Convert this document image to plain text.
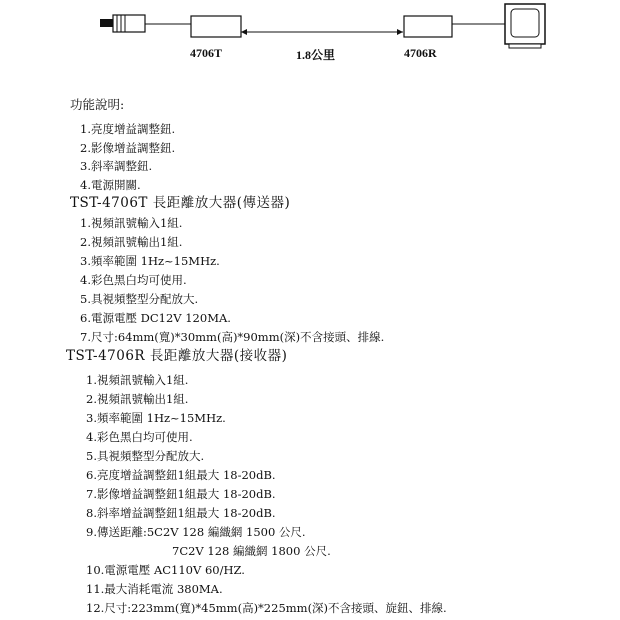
4706T	1.8公里	4706R
功能說明:
1.亮度增益調整鈕.
2.影像增益調整鈕.
3.斜率調整鈕.
4.電源開關.
TST-4706T 長距離放大器(傳送器)
1.視頻訊號輸入1組.
2.視頻訊號輸出1組.
3.頻率範圍 1Hz~15MHz.
4.彩色黑白均可使用.
5.具視頻整型分配放大.
6.電源電壓 DC12V 120MA.
7.尺寸:64mm(寬)*30mm(高)*90mm(深)不含接頭、排線.
TST-4706R 長距離放大器(接收器)
1.視頻訊號輸入1組.
2.視頻訊號輸出1組.
3.頻率範圍 1Hz~15MHz.
4.彩色黑白均可使用.
5.具視頻整型分配放大.
6.亮度增益調整鈕1組最大 18-20dB.
7.影像增益調整鈕1組最大 18-20dB.
8.斜率增益調整鈕1組最大 18-20dB.
9.傳送距離:5C2V 128 編織網 1500 公尺.
7C2V 128 編織網 1800 公尺.
10.電源電壓 AC110V 60/HZ.
11.最大消耗電流 380MA.
12.尺寸:223mm(寬)*45mm(高)*225mm(深)不含接頭、旋鈕、排線.
